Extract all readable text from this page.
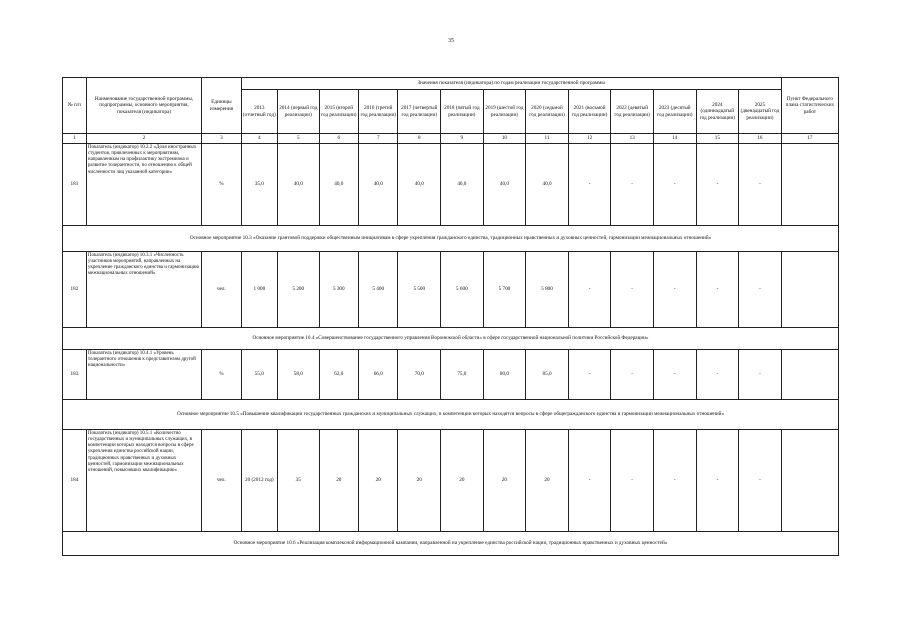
35
№ п/п	Наименование государственной программы, подпрограммы, основного мероприятия, показателя (индикатора)	Единицы измерения	Значения показателя (индикатора) по годам реализации государственной программы													Пункт Федерального плана статистических работ
			2013 (отчетный год)	2014 (первый год реализации)	2015 (второй год реализации)	2016 (третий год реализации)	2017 (четвертый год реализации)	2018 (пятый год реализации)	2019 (шестой год реализации)	2020 (седьмой год реализации)	2021 (восьмой год реализации)	2022 (девятый год реализации)	2023 (десятый год реализации)	2024 (одиннадцатый год реализации)	2025 (двенадцатый год реализации)	
1	2	3	4	5	6	7	8	9	10	11	12	13	14	15	16	17
181	Показатель (индикатор) 10.2.2 «Доля иностранных студентов, привлеченных к мероприятиям, направленным на профилактику экстремизма и развитие толерантности, по отношению к общей численности лиц указанной категории»	%	35,0	40,0	40,0	40,0	40,0	40,0	40,0	40,0	-	-	-	-	-	
Основное мероприятие 10.3 «Оказание грантовой поддержки общественным инициативам в сфере укрепления гражданского единства, традиционных нравственных и духовных ценностей, гармонизации межнациональных отношений»																
182	Показатель (индикатор) 10.3.1 «Численность участников мероприятий, направленных на укрепление гражданского единства и гармонизацию межнациональных отношений»	чел.	1 000	5 200	5 300	5 400	5 500	5 600	5 700	5 800	-	-	-	-	-	
Основное мероприятие 10.4 «Совершенствование государственного управления Воронежской области» в сфере государственной национальной политики Российской Федерации»																
183	Показатель (индикатор) 10.4.1 «Уровень толерантного отношения к представителям другой национальности»	%	55,0	58,0	62,0	66,0	70,0	75,0	80,0	85,0	-	-	-	-	-	
Основное мероприятие 10.5 «Повышение квалификации государственных гражданских и муниципальных служащих, в компетенции которых находятся вопросы в сфере общегражданского единства и гармонизации межнациональных отношений»																
184	Показатель (индикатор) 10.5.1 «Количество государственных и муниципальных служащих, в компетенции которых находятся вопросы в сфере укрепления единства российской нации, традиционных нравственных и духовных ценностей, гармонизации межнациональных отношений, повысивших квалификацию»	чел.	20 (2012 год)	35	20	20	20	20	20	20	-	-	-	-	-	
Основное мероприятие 10.6 «Реализация комплексной информационной кампании, направленной на укрепление единства российской нации, традиционных нравственных и духовных ценностей»																
